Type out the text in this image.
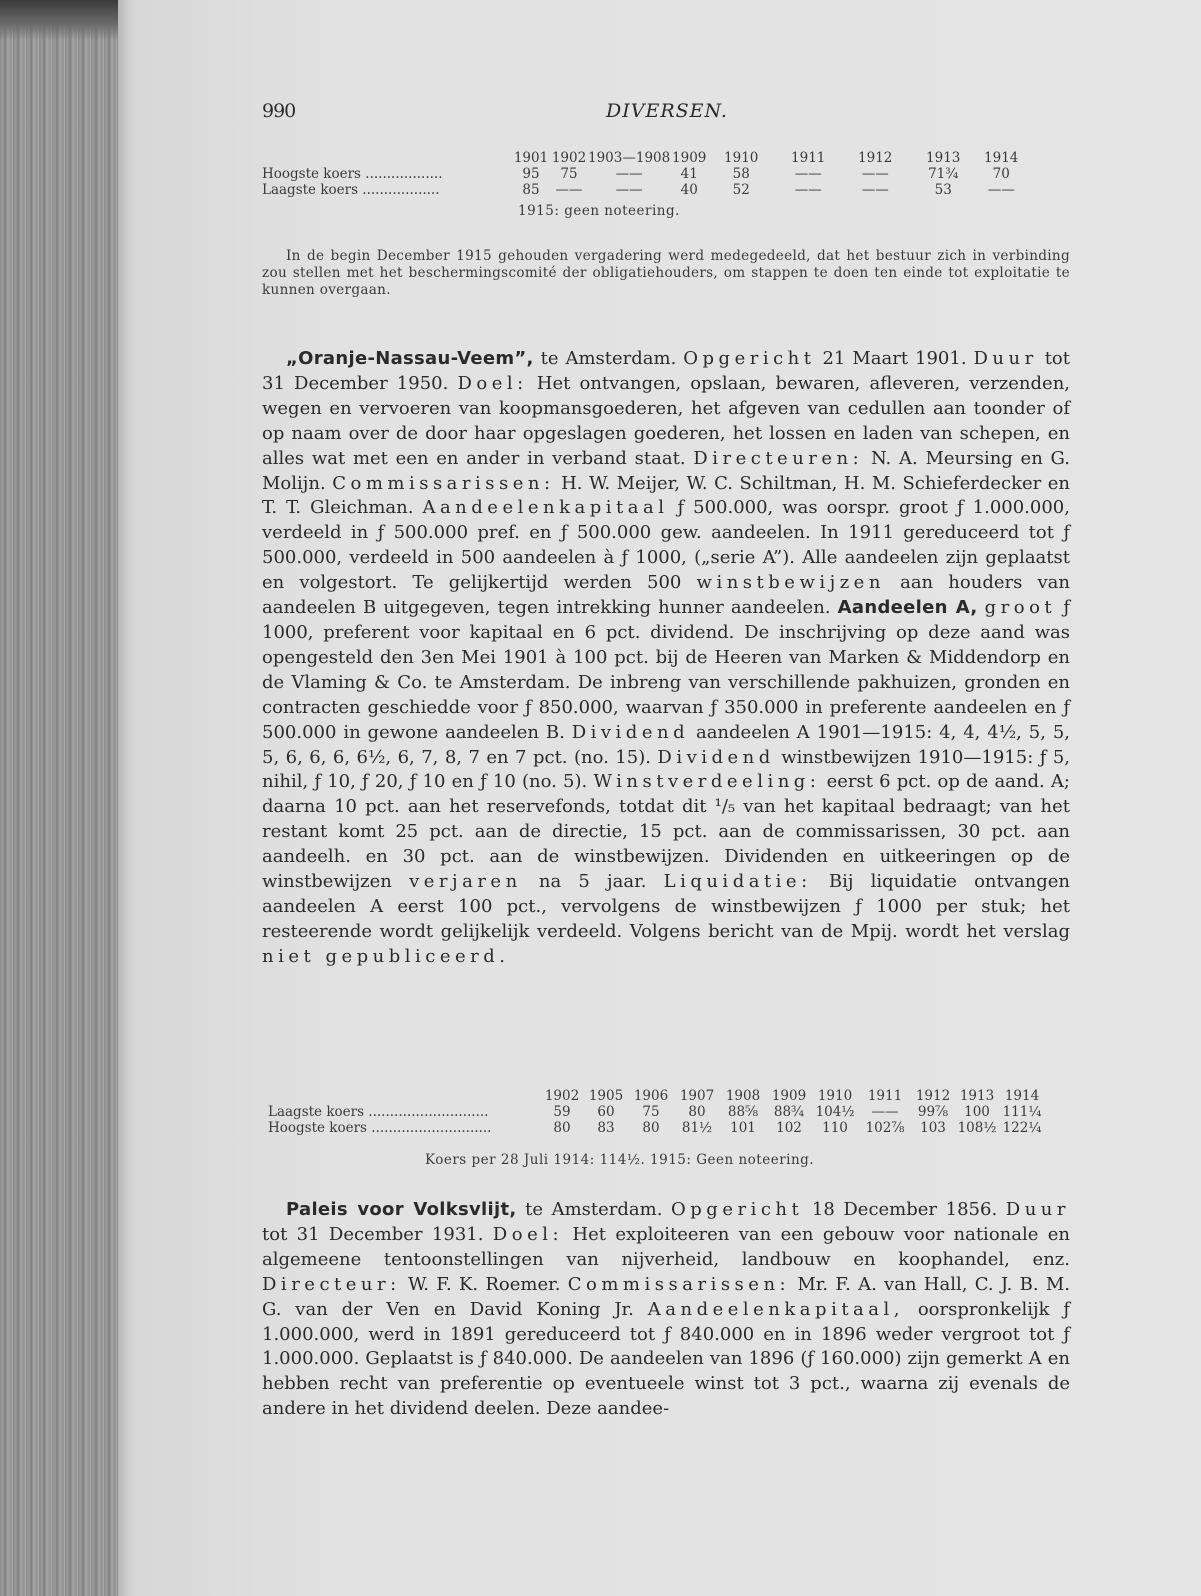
990	DIVERSEN.
	1901	1902	1903—1908	1909	1910	1911	1912	1913	1914
Hoogste koers ..................	95	75	——	41	58	——	——	71¾	70
Laagste koers ..................	85	——	——	40	52	——	——	53	——
1915: geen noteering.
In de begin December 1915 gehouden vergadering werd medegedeeld, dat het bestuur zich in verbinding zou stellen met het beschermingscomité der obligatiehouders, om stappen te doen ten einde tot exploitatie te kunnen overgaan.
„Oranje-Nassau-Veem”, te Amsterdam. Opgericht 21 Maart 1901. Duur tot 31 December 1950. Doel: Het ontvangen, opslaan, bewaren, afleveren, verzenden, wegen en vervoeren van koopmansgoederen, het afgeven van cedullen aan toonder of op naam over de door haar opgeslagen goederen, het lossen en laden van schepen, en alles wat met een en ander in verband staat. Directeuren: N. A. Meursing en G. Molijn. Commissarissen: H. W. Meijer, W. C. Schiltman, H. M. Schieferdecker en T. T. Gleichman. Aandeelenkapitaal ƒ 500.000, was oorspr. groot ƒ 1.000.000, verdeeld in ƒ 500.000 pref. en ƒ 500.000 gew. aandeelen. In 1911 gereduceerd tot ƒ 500.000, verdeeld in 500 aandeelen à ƒ 1000, („serie A”). Alle aandeelen zijn geplaatst en volgestort. Te gelijkertijd werden 500 winstbewijzen aan houders van aandeelen B uitgegeven, tegen intrekking hunner aandeelen. Aandeelen A, groot ƒ 1000, preferent voor kapitaal en 6 pct. dividend. De inschrijving op deze aand was opengesteld den 3en Mei 1901 à 100 pct. bij de Heeren van Marken & Middendorp en de Vlaming & Co. te Amsterdam. De inbreng van verschillende pakhuizen, gronden en contracten geschiedde voor ƒ 850.000, waarvan ƒ 350.000 in preferente aandeelen en ƒ 500.000 in gewone aandeelen B. Dividend aandeelen A 1901—1915: 4, 4, 4½, 5, 5, 5, 6, 6, 6, 6½, 6, 7, 8, 7 en 7 pct. (no. 15). Dividend winstbewijzen 1910—1915: ƒ 5, nihil, ƒ 10, ƒ 20, ƒ 10 en ƒ 10 (no. 5). Winstverdeeling: eerst 6 pct. op de aand. A; daarna 10 pct. aan het reservefonds, totdat dit ¹/₅ van het kapitaal bedraagt; van het restant komt 25 pct. aan de directie, 15 pct. aan de commissarissen, 30 pct. aan aandeelh. en 30 pct. aan de winstbewijzen. Dividenden en uitkeeringen op de winstbewijzen verjaren na 5 jaar. Liquidatie: Bij liquidatie ontvangen aandeelen A eerst 100 pct., vervolgens de winstbewijzen ƒ 1000 per stuk; het resteerende wordt gelijkelijk verdeeld. Volgens bericht van de Mpij. wordt het verslag niet gepubliceerd.
	1902	1905	1906	1907	1908	1909	1910	1911	1912	1913	1914
Laagste koers ............................	59	60	75	80	88⅝	88¾	104½	——	99⅞	100	111¼
Hoogste koers ............................	80	83	80	81½	101	102	110	102⅞	103	108½	122¼
Koers per 28 Juli 1914: 114½. 1915: Geen noteering.
Paleis voor Volksvlijt, te Amsterdam. Opgericht 18 December 1856. Duur tot 31 December 1931. Doel: Het exploiteeren van een gebouw voor nationale en algemeene tentoonstellingen van nijverheid, landbouw en koophandel, enz. Directeur: W. F. K. Roemer. Commissarissen: Mr. F. A. van Hall, C. J. B. M. G. van der Ven en David Koning Jr. Aandeelenkapitaal, oorspronkelijk ƒ 1.000.000, werd in 1891 gereduceerd tot ƒ 840.000 en in 1896 weder vergroot tot ƒ 1.000.000. Geplaatst is ƒ 840.000. De aandeelen van 1896 (ƒ 160.000) zijn gemerkt A en hebben recht van preferentie op eventueele winst tot 3 pct., waarna zij evenals de andere in het dividend deelen. Deze aandee-
